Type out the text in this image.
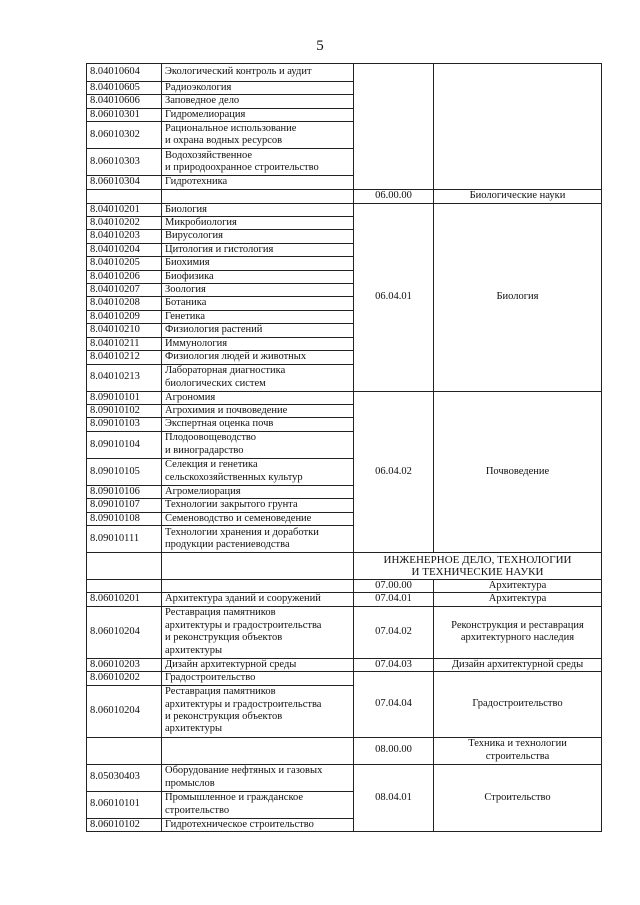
5
8.04010604	Экологический контроль и аудит		

8.04010605	Радиоэкология		

8.04010606	Заповедное дело		

8.06010301	Гидромелиорация		

8.06010302	Рациональное использование
и охрана водных ресурсов		

8.06010303	Водохозяйственное
и природоохранное строительство		

8.06010304	Гидротехника		

		06.00.00	Биологические науки
8.04010201	Биология	06.04.01	Биология
8.04010202	Микробиология		

8.04010203	Вирусология		

8.04010204	Цитология и гистология		

8.04010205	Биохимия		

8.04010206	Биофизика		

8.04010207	Зоология		

8.04010208	Ботаника		

8.04010209	Генетика		

8.04010210	Физиология растений		

8.04010211	Иммунология		

8.04010212	Физиология людей и животных		

8.04010213	Лабораторная диагностика
биологических систем		

8.09010101	Агрономия	06.04.02	Почвоведение
8.09010102	Агрохимия и почвоведение		

8.09010103	Экспертная оценка почв		

8.09010104	Плодоовощеводство
и виноградарство		

8.09010105	Селекция и генетика
сельскохозяйственных культур		

8.09010106	Агромелиорация		

8.09010107	Технологии закрытого грунта		

8.09010108	Семеноводство и семеноведение		

8.09010111	Технологии хранения и доработки
продукции растениеводства		

		ИНЖЕНЕРНОЕ ДЕЛО, ТЕХНОЛОГИИ
И ТЕХНИЧЕСКИЕ НАУКИ	

		07.00.00	Архитектура
8.06010201	Архитектура зданий и сооружений	07.04.01	Архитектура
8.06010204	Реставрация памятников
архитектуры и градостроительства
и реконструкция объектов
архитектуры	07.04.02	Реконструкция и реставрация архитектурного наследия
8.06010203	Дизайн архитектурной среды	07.04.03	Дизайн архитектурной среды
8.06010202	Градостроительство	07.04.04	Градостроительство
8.06010204	Реставрация памятников
архитектуры и градостроительства
и реконструкция объектов
архитектуры		

		08.00.00	Техника и технологии строительства
8.05030403	Оборудование нефтяных и газовых
промыслов	08.04.01	Строительство
8.06010101	Промышленное и гражданское
строительство		

8.06010102	Гидротехническое строительство		
